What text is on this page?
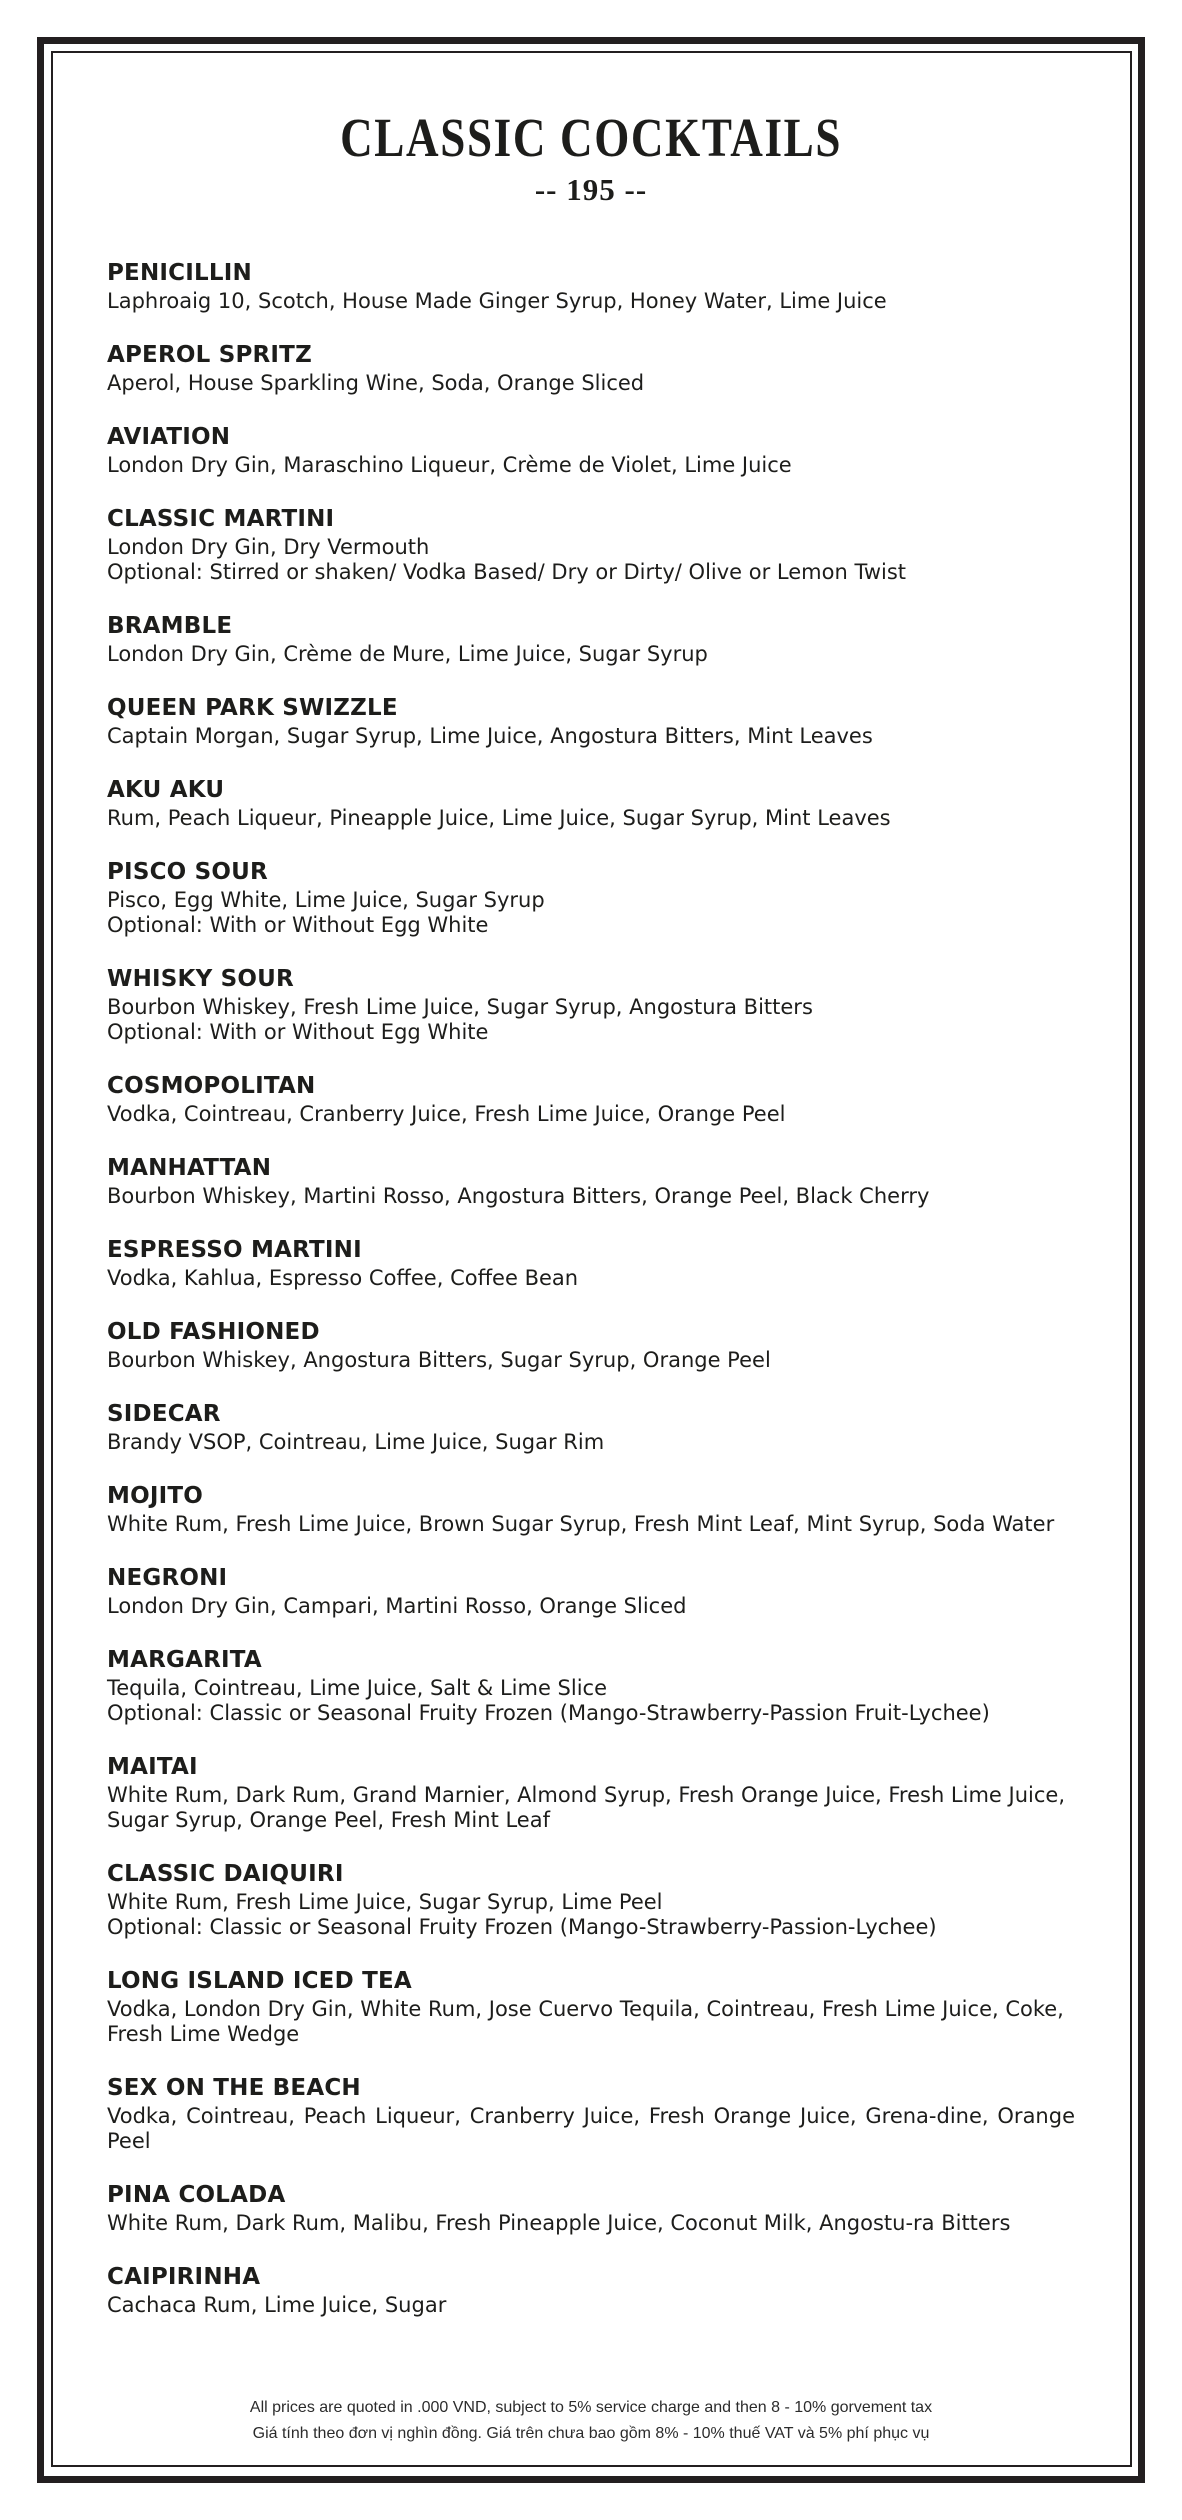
CLASSIC COCKTAILS
-- 195 --
PENICILLIN
Laphroaig 10, Scotch, House Made Ginger Syrup, Honey Water, Lime Juice
APEROL SPRITZ
Aperol, House Sparkling Wine, Soda, Orange Sliced
AVIATION
London Dry Gin, Maraschino Liqueur, Crème de Violet, Lime Juice
CLASSIC MARTINI
London Dry Gin, Dry Vermouth
Optional: Stirred or shaken/ Vodka Based/ Dry or Dirty/ Olive or Lemon Twist
BRAMBLE
London Dry Gin, Crème de Mure, Lime Juice, Sugar Syrup
QUEEN PARK SWIZZLE
Captain Morgan, Sugar Syrup, Lime Juice, Angostura Bitters, Mint Leaves
AKU AKU
Rum, Peach Liqueur, Pineapple Juice, Lime Juice, Sugar Syrup, Mint Leaves
PISCO SOUR
Pisco, Egg White, Lime Juice, Sugar Syrup
Optional: With or Without Egg White
WHISKY SOUR
Bourbon Whiskey, Fresh Lime Juice, Sugar Syrup, Angostura Bitters
Optional: With or Without Egg White
COSMOPOLITAN
Vodka, Cointreau, Cranberry Juice, Fresh Lime Juice, Orange Peel
MANHATTAN
Bourbon Whiskey, Martini Rosso, Angostura Bitters, Orange Peel, Black Cherry
ESPRESSO MARTINI
Vodka, Kahlua, Espresso Coffee, Coffee Bean
OLD FASHIONED
Bourbon Whiskey, Angostura Bitters, Sugar Syrup, Orange Peel
SIDECAR
Brandy VSOP, Cointreau, Lime Juice, Sugar Rim
MOJITO
White Rum, Fresh Lime Juice, Brown Sugar Syrup, Fresh Mint Leaf, Mint Syrup, Soda Water
NEGRONI
London Dry Gin, Campari, Martini Rosso, Orange Sliced
MARGARITA
Tequila, Cointreau, Lime Juice, Salt & Lime Slice
Optional: Classic or Seasonal Fruity Frozen (Mango-Strawberry-Passion Fruit-Lychee)
MAITAI
White Rum, Dark Rum, Grand Marnier, Almond Syrup, Fresh Orange Juice, Fresh Lime Juice, Sugar Syrup, Orange Peel, Fresh Mint Leaf
CLASSIC DAIQUIRI
White Rum, Fresh Lime Juice, Sugar Syrup, Lime Peel
Optional: Classic or Seasonal Fruity Frozen (Mango-Strawberry-Passion-Lychee)
LONG ISLAND ICED TEA
Vodka, London Dry Gin, White Rum, Jose Cuervo Tequila, Cointreau, Fresh Lime Juice, Coke, Fresh Lime Wedge
SEX ON THE BEACH
Vodka, Cointreau, Peach Liqueur, Cranberry Juice, Fresh Orange Juice, Grena-dine, Orange Peel
PINA COLADA
White Rum, Dark Rum, Malibu, Fresh Pineapple Juice, Coconut Milk, Angostu-ra Bitters
CAIPIRINHA
Cachaca Rum, Lime Juice, Sugar
All prices are quoted in .000 VND, subject to 5% service charge and then 8 - 10% gorvement tax
Giá tính theo đơn vị nghìn đồng. Giá trên chưa bao gồm 8% - 10% thuế VAT và 5% phí phục vụ
